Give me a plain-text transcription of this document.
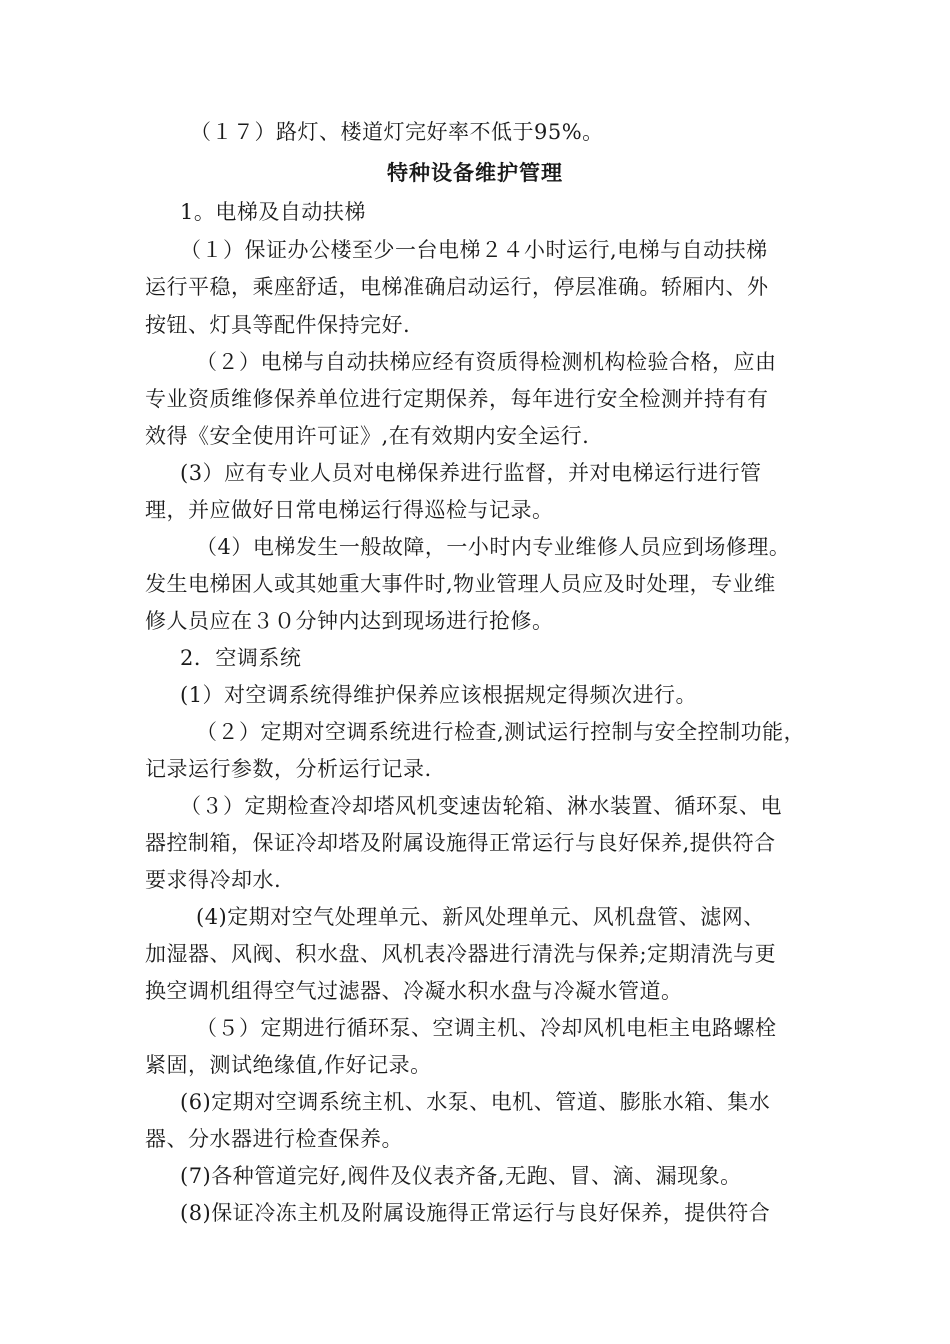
（１７）路灯、楼道灯完好率不低于95%。
特种设备维护管理
1。电梯及自动扶梯
（１）保证办公楼至少一台电梯２４小时运行,电梯与自动扶梯
运行平稳，乘座舒适，电梯准确启动运行，停层准确。轿厢内、外
按钮、灯具等配件保持完好.
（２）电梯与自动扶梯应经有资质得检测机构检验合格，应由
专业资质维修保养单位进行定期保养，每年进行安全检测并持有有
效得《安全使用许可证》,在有效期内安全运行.
(3）应有专业人员对电梯保养进行监督，并对电梯运行进行管
理，并应做好日常电梯运行得巡检与记录。
（4）电梯发生一般故障，一小时内专业维修人员应到场修理。
发生电梯困人或其她重大事件时,物业管理人员应及时处理，专业维
修人员应在３０分钟内达到现场进行抢修。
2．空调系统
(1）对空调系统得维护保养应该根据规定得频次进行。
（２）定期对空调系统进行检查,测试运行控制与安全控制功能，
记录运行参数，分析运行记录.
（３）定期检查冷却塔风机变速齿轮箱、淋水装置、循环泵、电
器控制箱，保证冷却塔及附属设施得正常运行与良好保养,提供符合
要求得冷却水.
(4)定期对空气处理单元、新风处理单元、风机盘管、滤网、
加湿器、风阀、积水盘、风机表冷器进行清洗与保养;定期清洗与更
换空调机组得空气过滤器、冷凝水积水盘与冷凝水管道。
（５）定期进行循环泵、空调主机、冷却风机电柜主电路螺栓
紧固，测试绝缘值,作好记录。
(6)定期对空调系统主机、水泵、电机、管道、膨胀水箱、集水
器、分水器进行检查保养。
(7)各种管道完好,阀件及仪表齐备,无跑、冒、滴、漏现象。
(8)保证冷冻主机及附属设施得正常运行与良好保养，提供符合
